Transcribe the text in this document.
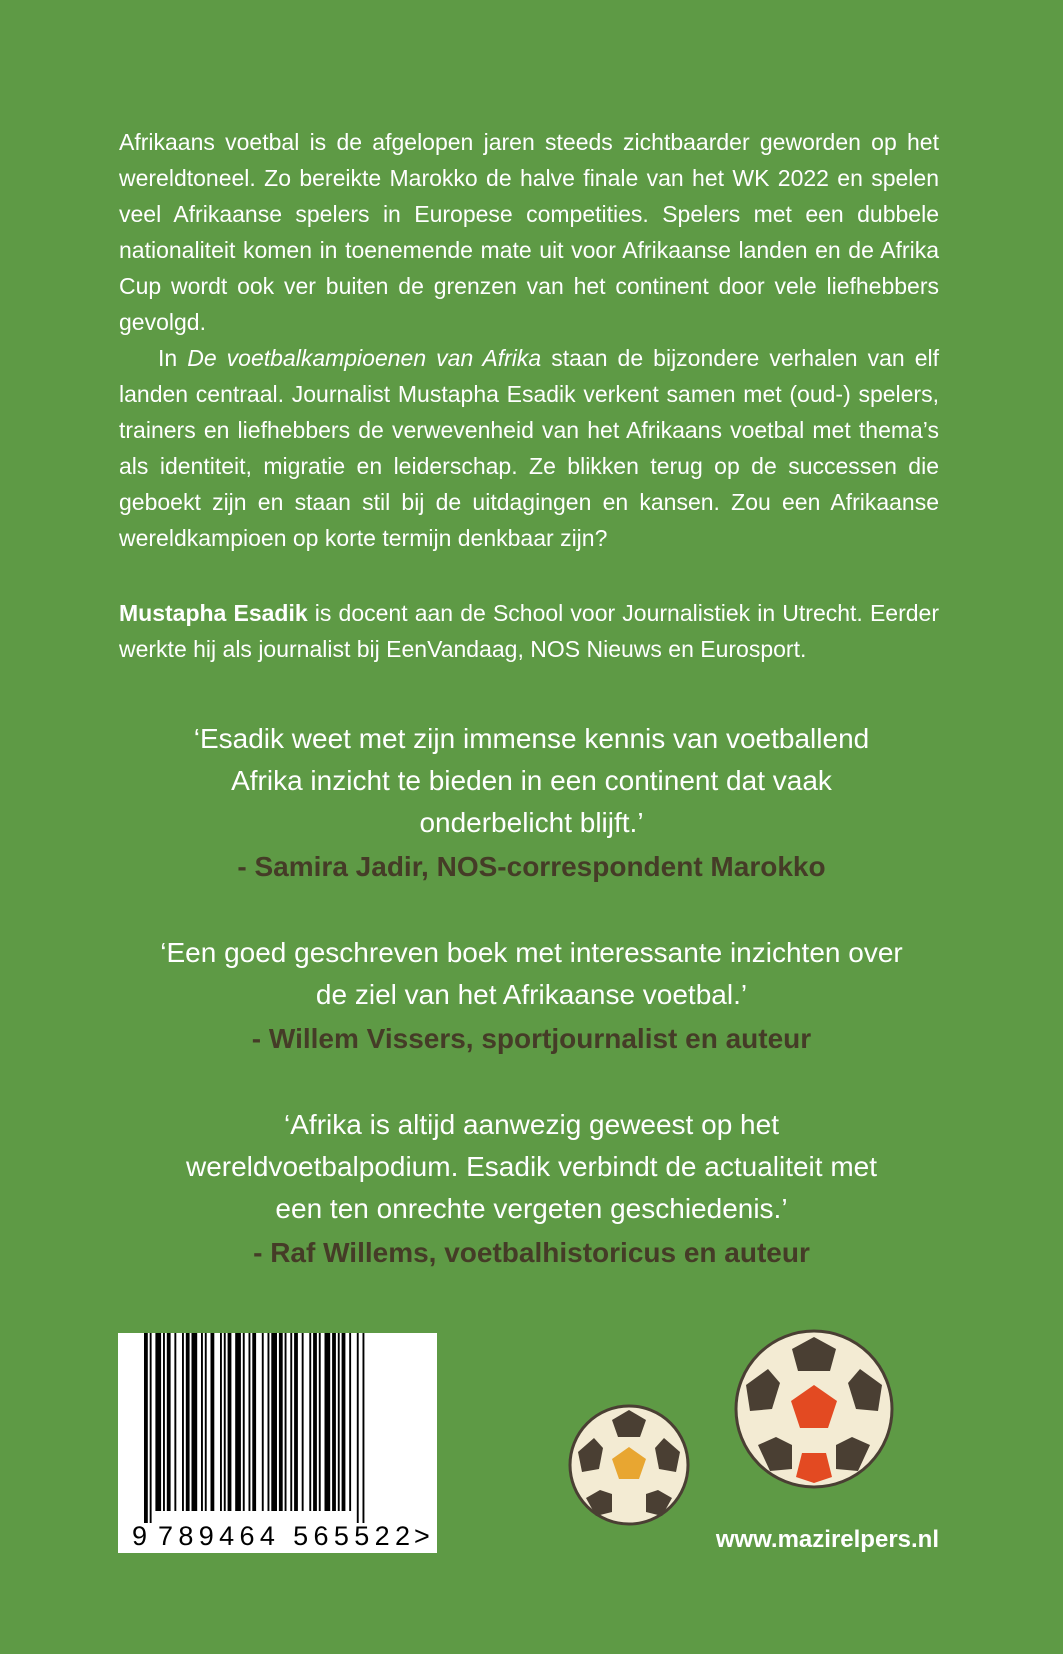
Afrikaans voetbal is de afgelopen jaren steeds zichtbaarder geworden op het wereldtoneel. Zo bereikte Marokko de halve finale van het WK 2022 en spelen veel Afrikaanse spelers in Europese competities. Spelers met een dubbele nationaliteit komen in toenemende mate uit voor Afrikaanse landen en de Afrika Cup wordt ook ver buiten de grenzen van het continent door vele liefhebbers gevolgd.

In De voetbalkampioenen van Afrika staan de bijzondere verhalen van elf landen centraal. Journalist Mustapha Esadik verkent samen met (oud-) spelers, trainers en liefhebbers de verwevenheid van het Afrikaans voetbal met thema’s als identiteit, migratie en leiderschap. Ze blikken terug op de successen die geboekt zijn en staan stil bij de uitdagingen en kansen. Zou een Afrikaanse wereldkampioen op korte termijn denkbaar zijn?

Mustapha Esadik is docent aan de School voor Journalistiek in Utrecht. Eerder werkte hij als journalist bij EenVandaag, NOS Nieuws en Eurosport.

‘Esadik weet met zijn immense kennis van voetballend Afrika inzicht te bieden in een continent dat vaak onderbelicht blijft.’
- Samira Jadir, NOS-correspondent Marokko
‘Een goed geschreven boek met interessante inzichten over de ziel van het Afrikaanse voetbal.’
- Willem Vissers, sportjournalist en auteur
‘Afrika is altijd aanwezig geweest op het wereldvoetbalpodium. Esadik verbindt de actualiteit met een ten onrechte vergeten geschiedenis.’
- Raf Willems, voetbalhistoricus en auteur
9 789464 565522 >	www.mazirelpers.nl
